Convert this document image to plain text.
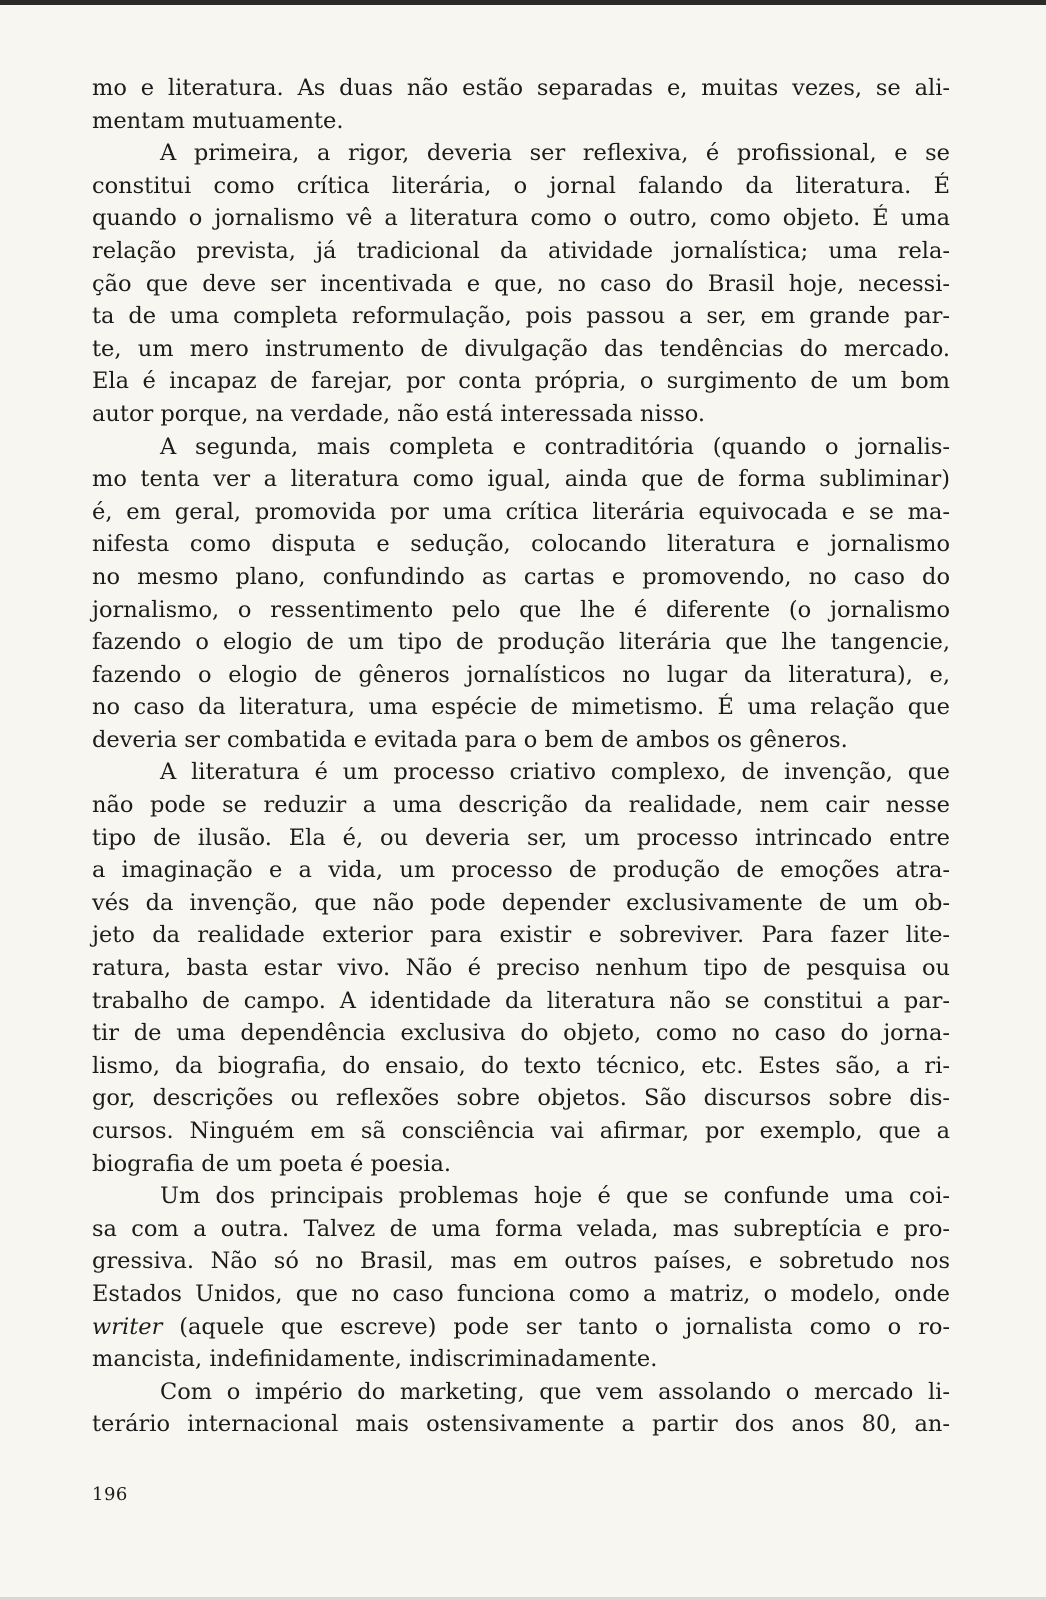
mo e literatura. As duas não estão separadas e, muitas vezes, se ali-
mentam mutuamente.
A primeira, a rigor, deveria ser reflexiva, é profissional, e se
constitui como crítica literária, o jornal falando da literatura. É
quando o jornalismo vê a literatura como o outro, como objeto. É uma
relação prevista, já tradicional da atividade jornalística; uma rela-
ção que deve ser incentivada e que, no caso do Brasil hoje, necessi-
ta de uma completa reformulação, pois passou a ser, em grande par-
te, um mero instrumento de divulgação das tendências do mercado.
Ela é incapaz de farejar, por conta própria, o surgimento de um bom
autor porque, na verdade, não está interessada nisso.
A segunda, mais completa e contraditória (quando o jornalis-
mo tenta ver a literatura como igual, ainda que de forma subliminar)
é, em geral, promovida por uma crítica literária equivocada e se ma-
nifesta como disputa e sedução, colocando literatura e jornalismo
no mesmo plano, confundindo as cartas e promovendo, no caso do
jornalismo, o ressentimento pelo que lhe é diferente (o jornalismo
fazendo o elogio de um tipo de produção literária que lhe tangencie,
fazendo o elogio de gêneros jornalísticos no lugar da literatura), e,
no caso da literatura, uma espécie de mimetismo. É uma relação que
deveria ser combatida e evitada para o bem de ambos os gêneros.
A literatura é um processo criativo complexo, de invenção, que
não pode se reduzir a uma descrição da realidade, nem cair nesse
tipo de ilusão. Ela é, ou deveria ser, um processo intrincado entre
a imaginação e a vida, um processo de produção de emoções atra-
vés da invenção, que não pode depender exclusivamente de um ob-
jeto da realidade exterior para existir e sobreviver. Para fazer lite-
ratura, basta estar vivo. Não é preciso nenhum tipo de pesquisa ou
trabalho de campo. A identidade da literatura não se constitui a par-
tir de uma dependência exclusiva do objeto, como no caso do jorna-
lismo, da biografia, do ensaio, do texto técnico, etc. Estes são, a ri-
gor, descrições ou reflexões sobre objetos. São discursos sobre dis-
cursos. Ninguém em sã consciência vai afirmar, por exemplo, que a
biografia de um poeta é poesia.
Um dos principais problemas hoje é que se confunde uma coi-
sa com a outra. Talvez de uma forma velada, mas subreptícia e pro-
gressiva. Não só no Brasil, mas em outros países, e sobretudo nos
Estados Unidos, que no caso funciona como a matriz, o modelo, onde
writer (aquele que escreve) pode ser tanto o jornalista como o ro-
mancista, indefinidamente, indiscriminadamente.
Com o império do marketing, que vem assolando o mercado li-
terário internacional mais ostensivamente a partir dos anos 80, an-
196
